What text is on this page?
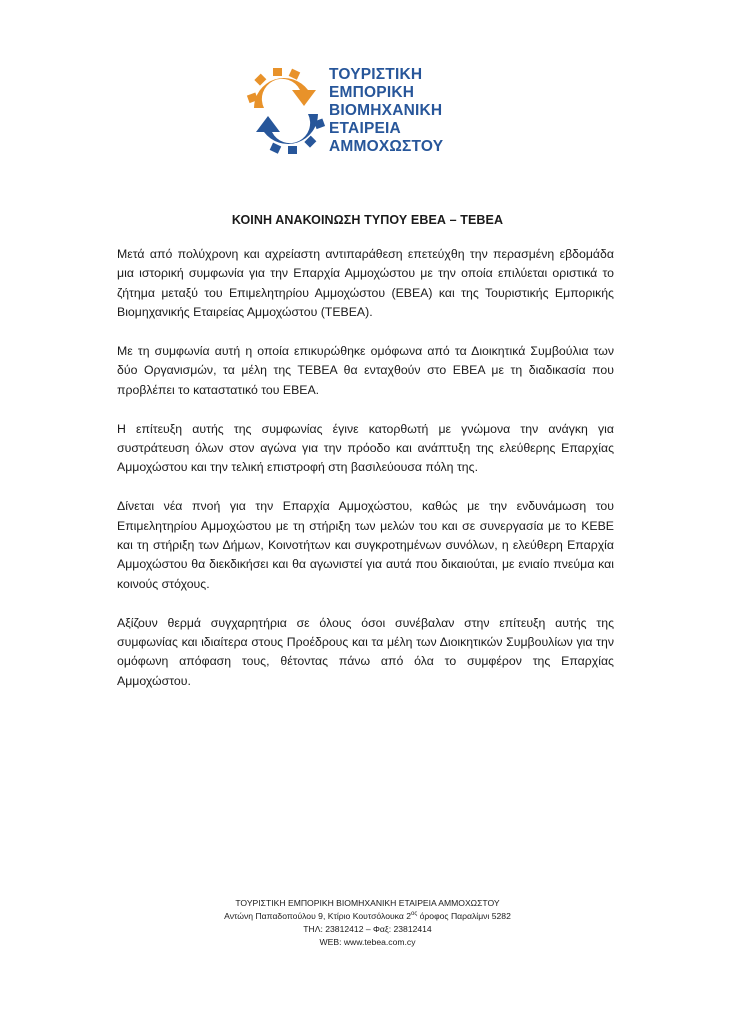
ΤΟΥΡΙΣΤΙΚΗ
ΕΜΠΟΡΙΚΗ
ΒΙΟΜΗΧΑΝΙΚΗ
ΕΤΑΙΡΕΙΑ
ΑΜΜΟΧΩΣΤΟΥ
ΚΟΙΝΗ ΑΝΑΚΟΙΝΩΣΗ ΤΥΠΟΥ ΕΒΕΑ – ΤΕΒΕΑ

Μετά από πολύχρονη και αχρείαστη αντιπαράθεση επετεύχθη την περασμένη εβδομάδα μια ιστορική συμφωνία για την Επαρχία Αμμοχώστου με την οποία επιλύεται οριστικά το ζήτημα μεταξύ του Επιμελητηρίου Αμμοχώστου (ΕΒΕΑ) και της Τουριστικής Εμπορικής Βιομηχανικής Εταιρείας Αμμοχώστου (ΤΕΒΕΑ).

Με τη συμφωνία αυτή η οποία επικυρώθηκε ομόφωνα από τα Διοικητικά Συμβούλια των δύο Οργανισμών, τα μέλη της ΤΕΒΕΑ θα ενταχθούν στο ΕΒΕΑ με τη διαδικασία που προβλέπει το καταστατικό του ΕΒΕΑ.

Η επίτευξη αυτής της συμφωνίας έγινε κατορθωτή με γνώμονα την ανάγκη για συστράτευση όλων στον αγώνα για την πρόοδο και ανάπτυξη της ελεύθερης Επαρχίας Αμμοχώστου και την τελική επιστροφή στη βασιλεύουσα πόλη της.

Δίνεται νέα πνοή για την Επαρχία Αμμοχώστου, καθώς με την ενδυνάμωση του Επιμελητηρίου Αμμοχώστου με τη στήριξη των μελών του και σε συνεργασία με το ΚΕΒΕ και τη στήριξη των Δήμων, Κοινοτήτων και συγκροτημένων συνόλων, η ελεύθερη Επαρχία Αμμοχώστου θα διεκδικήσει και θα αγωνιστεί για αυτά που δικαιούται, με ενιαίο πνεύμα και κοινούς στόχους.

Αξίζουν θερμά συγχαρητήρια σε όλους όσοι συνέβαλαν στην επίτευξη αυτής της συμφωνίας και ιδιαίτερα στους Προέδρους και τα μέλη των Διοικητικών Συμβουλίων για την ομόφωνη απόφαση τους, θέτοντας πάνω από όλα το συμφέρον της Επαρχίας Αμμοχώστου.

ΤΟΥΡΙΣΤΙΚΗ ΕΜΠΟΡΙΚΗ ΒΙΟΜΗΧΑΝΙΚΗ ΕΤΑΙΡΕΙΑ ΑΜΜΟΧΩΣΤΟΥ
Αντώνη Παπαδοπούλου 9, Κτίριο Κουτσόλουκα $2^{o\varsigma}$ όροφος Παραλίμνι 5282
ΤΗΛ: 23812412 – Φαξ: 23812414
WEB: www.tebea.com.cy
